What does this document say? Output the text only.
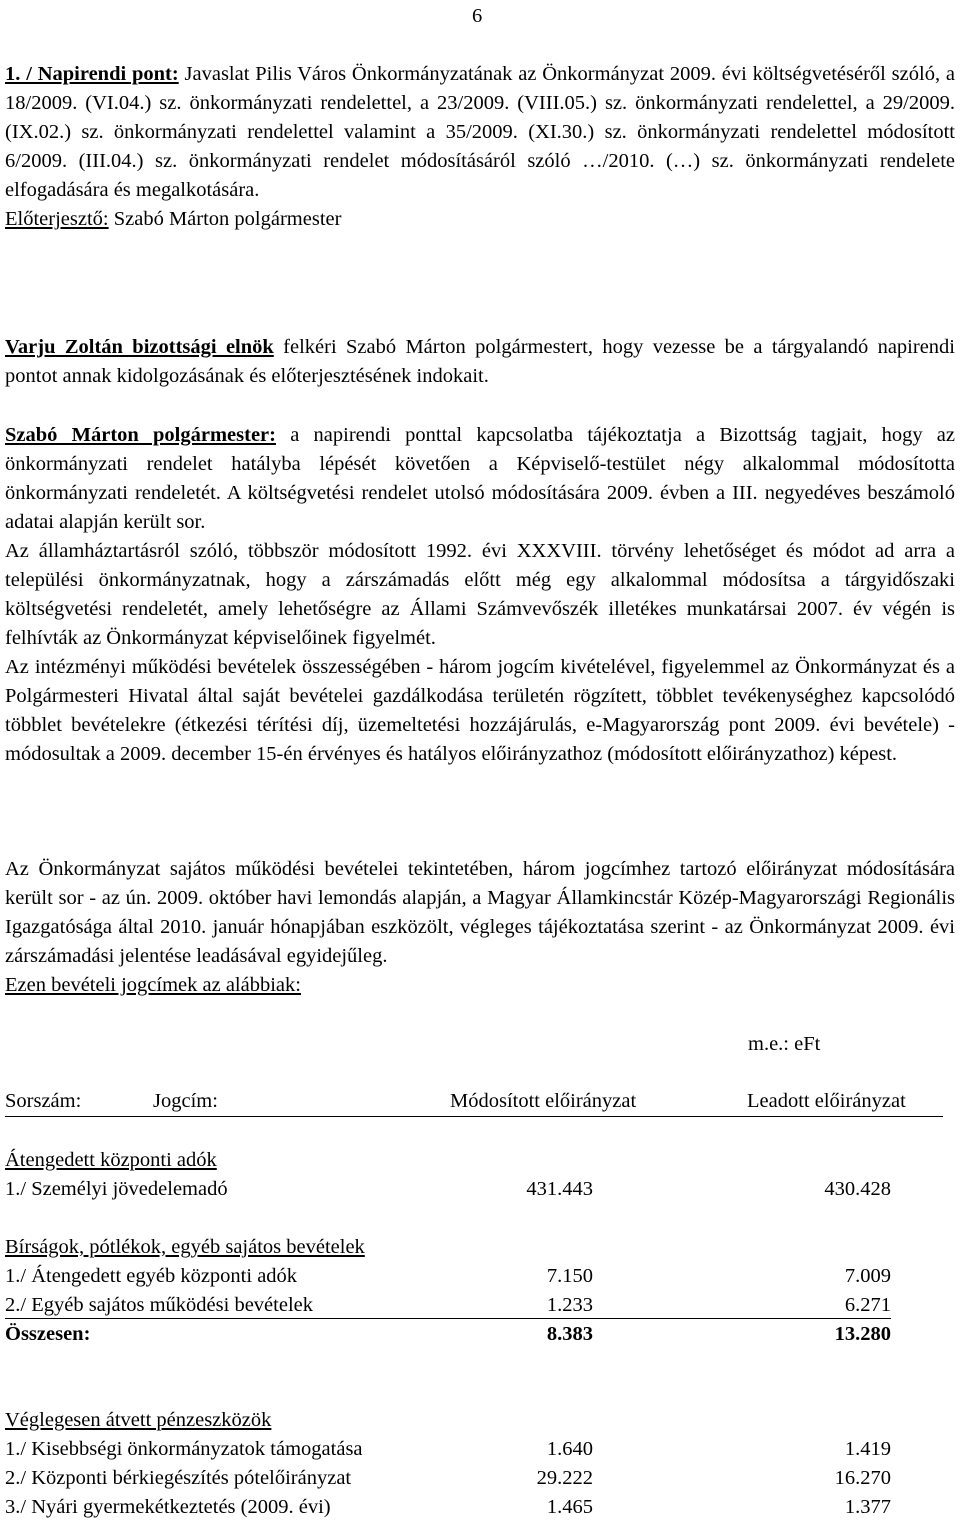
6
1. / Napirendi pont: Javaslat Pilis Város Önkormányzatának az Önkormányzat 2009. évi költségvetéséről szóló, a 18/2009. (VI.04.) sz. önkormányzati rendelettel, a 23/2009. (VIII.05.) sz. önkormányzati rendelettel, a 29/2009. (IX.02.) sz. önkormányzati rendelettel valamint a 35/2009. (XI.30.) sz. önkormányzati rendelettel módosított 6/2009. (III.04.) sz. önkormányzati rendelet módosításáról szóló …/2010. (…) sz. önkormányzati rendelete elfogadására és megalkotására.
Előterjesztő: Szabó Márton polgármester
Varju Zoltán bizottsági elnök felkéri Szabó Márton polgármestert, hogy vezesse be a tárgyalandó napirendi pontot annak kidolgozásának és előterjesztésének indokait.
Szabó Márton polgármester: a napirendi ponttal kapcsolatba tájékoztatja a Bizottság tagjait, hogy az önkormányzati rendelet hatályba lépését követően a Képviselő-testület négy alkalommal módosította önkormányzati rendeletét. A költségvetési rendelet utolsó módosítására 2009. évben a III. negyedéves beszámoló adatai alapján került sor.
Az államháztartásról szóló, többször módosított 1992. évi XXXVIII. törvény lehetőséget és módot ad arra a települési önkormányzatnak, hogy a zárszámadás előtt még egy alkalommal módosítsa a tárgyidőszaki költségvetési rendeletét, amely lehetőségre az Állami Számvevőszék illetékes munkatársai 2007. év végén is felhívták az Önkormányzat képviselőinek figyelmét.
Az intézményi működési bevételek összességében - három jogcím kivételével, figyelemmel az Önkormányzat és a Polgármesteri Hivatal által saját bevételei gazdálkodása területén rögzített, többlet tevékenységhez kapcsolódó többlet bevételekre (étkezési térítési díj, üzemeltetési hozzájárulás, e-Magyarország pont 2009. évi bevétele) - módosultak a 2009. december 15-én érvényes és hatályos előirányzathoz (módosított előirányzathoz) képest.
Az Önkormányzat sajátos működési bevételei tekintetében, három jogcímhez tartozó előirányzat módosítására került sor - az ún. 2009. október havi lemondás alapján, a Magyar Államkincstár Közép-Magyarországi Regionális Igazgatósága által 2010. január hónapjában eszközölt, végleges tájékoztatása szerint - az Önkormányzat 2009. évi zárszámadási jelentése leadásával egyidejűleg.
Ezen bevételi jogcímek az alábbiak:
m.e.: eFt
Sorszám:	Jogcím:	Módosított előirányzat	Leadott előirányzat
Átengedett központi adók
1./ Személyi jövedelemadó	431.443	430.428
Bírságok, pótlékok, egyéb sajátos bevételek
1./ Átengedett egyéb központi adók	7.150	7.009
2./ Egyéb sajátos működési bevételek	1.233	6.271
Összesen:	8.383	13.280
Véglegesen átvett pénzeszközök
1./ Kisebbségi önkormányzatok támogatása	1.640	1.419
2./ Központi bérkiegészítés pótelőirányzat	29.222	16.270
3./ Nyári gyermekétkeztetés (2009. évi)	1.465	1.377
